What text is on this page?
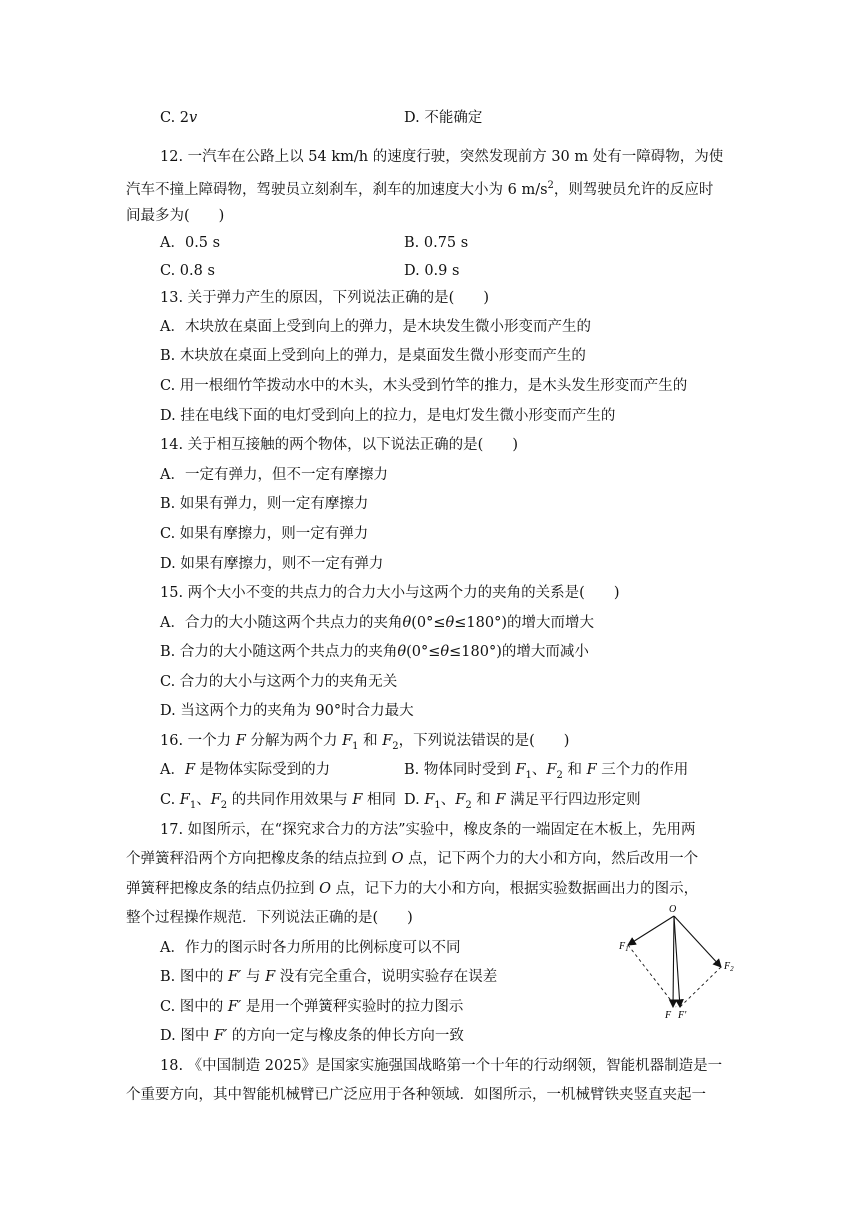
C. 2v	D. 不能确定
12. 一汽车在公路上以 54 km/h 的速度行驶，突然发现前方 30 m 处有一障碍物，为使
汽车不撞上障碍物，驾驶员立刻刹车，刹车的加速度大小为 6 $m/s^2$，则驾驶员允许的反应时
间最多为(　　)
A．0.5 s	B. 0.75 s
C. 0.8 s	D. 0.9 s
13. 关于弹力产生的原因，下列说法正确的是(　　)
A．木块放在桌面上受到向上的弹力，是木块发生微小形变而产生的
B. 木块放在桌面上受到向上的弹力，是桌面发生微小形变而产生的
C. 用一根细竹竿拨动水中的木头，木头受到竹竿的推力，是木头发生形变而产生的
D. 挂在电线下面的电灯受到向上的拉力，是电灯发生微小形变而产生的
14. 关于相互接触的两个物体，以下说法正确的是(　　)
A．一定有弹力，但不一定有摩擦力
B. 如果有弹力，则一定有摩擦力
C. 如果有摩擦力，则一定有弹力
D. 如果有摩擦力，则不一定有弹力
15. 两个大小不变的共点力的合力大小与这两个力的夹角的关系是(　　)
A．合力的大小随这两个共点力的夹角θ(0°≤θ≤180°)的增大而增大
B. 合力的大小随这两个共点力的夹角θ(0°≤θ≤180°)的增大而减小
C. 合力的大小与这两个力的夹角无关
D. 当这两个力的夹角为 90°时合力最大
16. 一个力 F 分解为两个力 $F_1$ 和 $F_2$，下列说法错误的是(　　)
A．F 是物体实际受到的力	B. 物体同时受到 $F_1$、$F_2$ 和 F 三个力的作用
C. $F_1$、$F_2$ 的共同作用效果与 F 相同 D. $F_1$、$F_2$ 和 F 满足平行四边形定则
17. 如图所示，在“探究求合力的方法”实验中，橡皮条的一端固定在木板上，先用两
个弹簧秤沿两个方向把橡皮条的结点拉到 O 点，记下两个力的大小和方向，然后改用一个
弹簧秤把橡皮条的结点仍拉到 O 点，记下力的大小和方向，根据实验数据画出力的图示，
整个过程操作规范．下列说法正确的是(　　)
A．作力的图示时各力所用的比例标度可以不同
B. 图中的 F′ 与 F 没有完全重合，说明实验存在误差
C. 图中的 F′ 是用一个弹簧秤实验时的拉力图示
D. 图中 F′ 的方向一定与橡皮条的伸长方向一致
O
$F_1$
$F_2$
F F'
18. 《中国制造 2025》是国家实施强国战略第一个十年的行动纲领，智能机器制造是一
个重要方向，其中智能机械臂已广泛应用于各种领域．如图所示，一机械臂铁夹竖直夹起一
